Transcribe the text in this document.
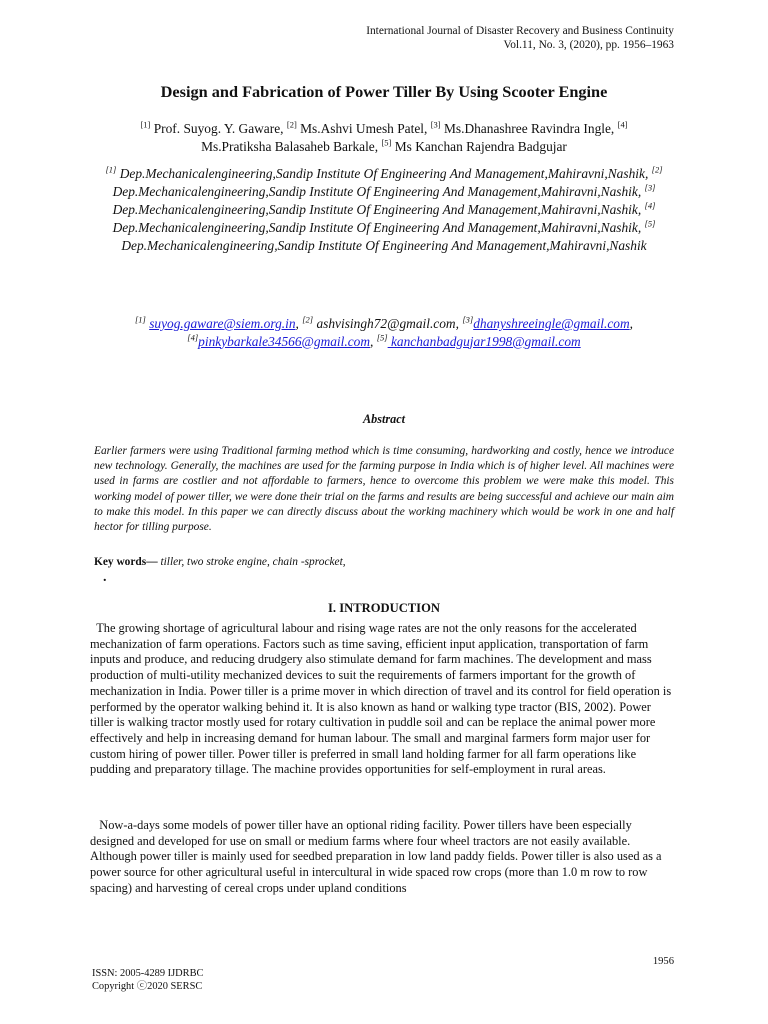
International Journal of Disaster Recovery and Business Continuity
Vol.11, No. 3, (2020), pp. 1956–1963
Design and Fabrication of Power Tiller By Using Scooter Engine
[1] Prof. Suyog. Y. Gaware, [2] Ms.Ashvi Umesh Patel, [3] Ms.Dhanashree Ravindra Ingle, [4]
Ms.Pratiksha Balasaheb Barkale, [5] Ms Kanchan Rajendra Badgujar
[1] Dep.Mechanicalengineering,Sandip Institute Of Engineering And Management,Mahiravni,Nashik, [2] Dep.Mechanicalengineering,Sandip Institute Of Engineering And Management,Mahiravni,Nashik, [3] Dep.Mechanicalengineering,Sandip Institute Of Engineering And Management,Mahiravni,Nashik, [4] Dep.Mechanicalengineering,Sandip Institute Of Engineering And Management,Mahiravni,Nashik, [5] Dep.Mechanicalengineering,Sandip Institute Of Engineering And Management,Mahiravni,Nashik
[1] suyog.gaware@siem.org.in, [2] ashvisingh72@gmail.com, [3]dhanyshreeingle@gmail.com,
[4]pinkybarkale34566@gmail.com, [5] kanchanbadgujar1998@gmail.com
Abstract
Earlier farmers were using Traditional farming method which is time consuming, hardworking and costly, hence we introduce new technology. Generally, the machines are used for the farming purpose in India which is of higher level. All machines were used in farms are costlier and not affordable to farmers, hence to overcome this problem we were make this model. This working model of power tiller, we were done their trial on the farms and results are being successful and achieve our main aim to make this model. In this paper we can directly discuss about the working machinery which would be work in one and half hector for tilling purpose.
Key words— tiller, two stroke engine, chain -sprocket,
.
I. INTRODUCTION
The growing shortage of agricultural labour and rising wage rates are not the only reasons for the accelerated mechanization of farm operations. Factors such as time saving, efficient input application, transportation of farm inputs and produce, and reducing drudgery also stimulate demand for farm machines. The development and mass production of multi-utility mechanized devices to suit the requirements of farmers important for the growth of mechanization in India. Power tiller is a prime mover in which direction of travel and its control for field operation is performed by the operator walking behind it. It is also known as hand or walking type tractor (BIS, 2002). Power tiller is walking tractor mostly used for rotary cultivation in puddle soil and can be replace the animal power more effectively and help in increasing demand for human labour. The small and marginal farmers form major user for custom hiring of power tiller. Power tiller is preferred in small land holding farmer for all farm operations like pudding and preparatory tillage. The machine provides opportunities for self-employment in rural areas.
Now-a-days some models of power tiller have an optional riding facility. Power tillers have been especially designed and developed for use on small or medium farms where four wheel tractors are not easily available. Although power tiller is mainly used for seedbed preparation in low land paddy fields. Power tiller is also used as a power source for other agricultural useful in intercultural in wide spaced row crops (more than 1.0 m row to row spacing) and harvesting of cereal crops under upland conditions
ISSN: 2005-4289 IJDRBC
Copyright ⓒ2020 SERSC
1956
